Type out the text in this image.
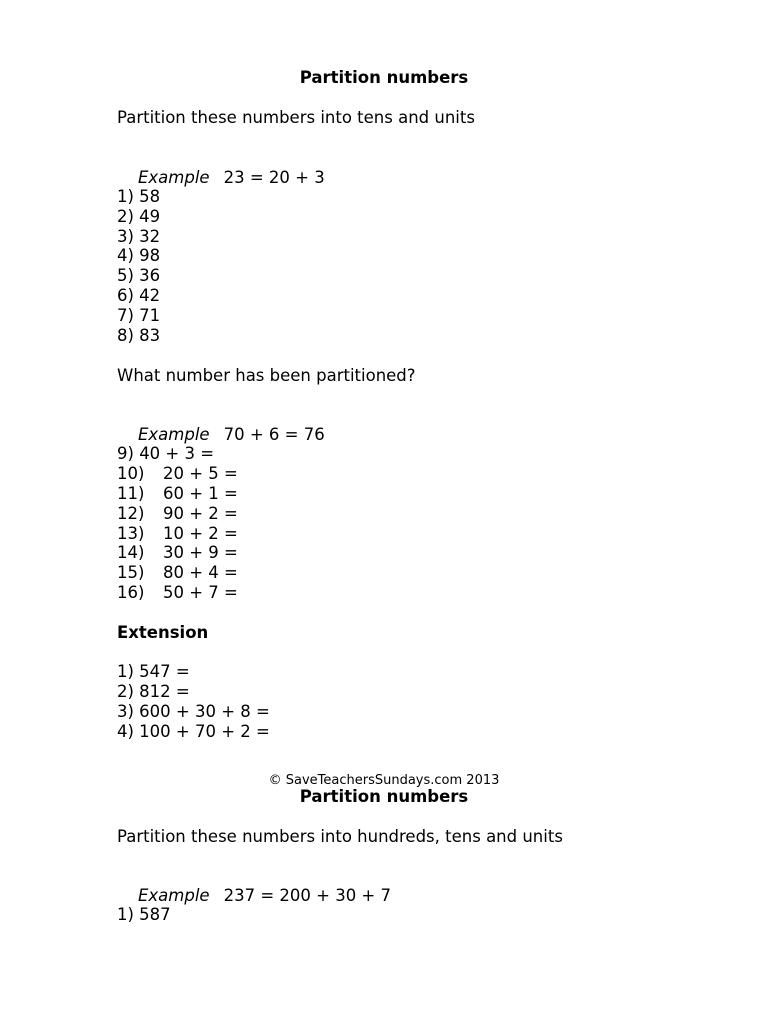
Partition numbers
Partition these numbers into tens and units

Example 23 = 20 + 3

1) 58
2) 49
3) 32
4) 98
5) 36
6) 42
7) 71
8) 83
What number has been partitioned?

Example 70 + 6 = 76

9) 40 + 3 =
10) 20 + 5 =
11) 60 + 1 =
12) 90 + 2 =
13) 10 + 2 =
14) 30 + 9 =
15) 80 + 4 =
16) 50 + 7 =
Extension
1) 547 =
2) 812 =
3) 600 + 30 + 8 =
4) 100 + 70 + 2 =
© SaveTeachersSundays.com 2013
Partition numbers
Partition these numbers into hundreds, tens and units

Example 237 = 200 + 30 + 7

1) 587
